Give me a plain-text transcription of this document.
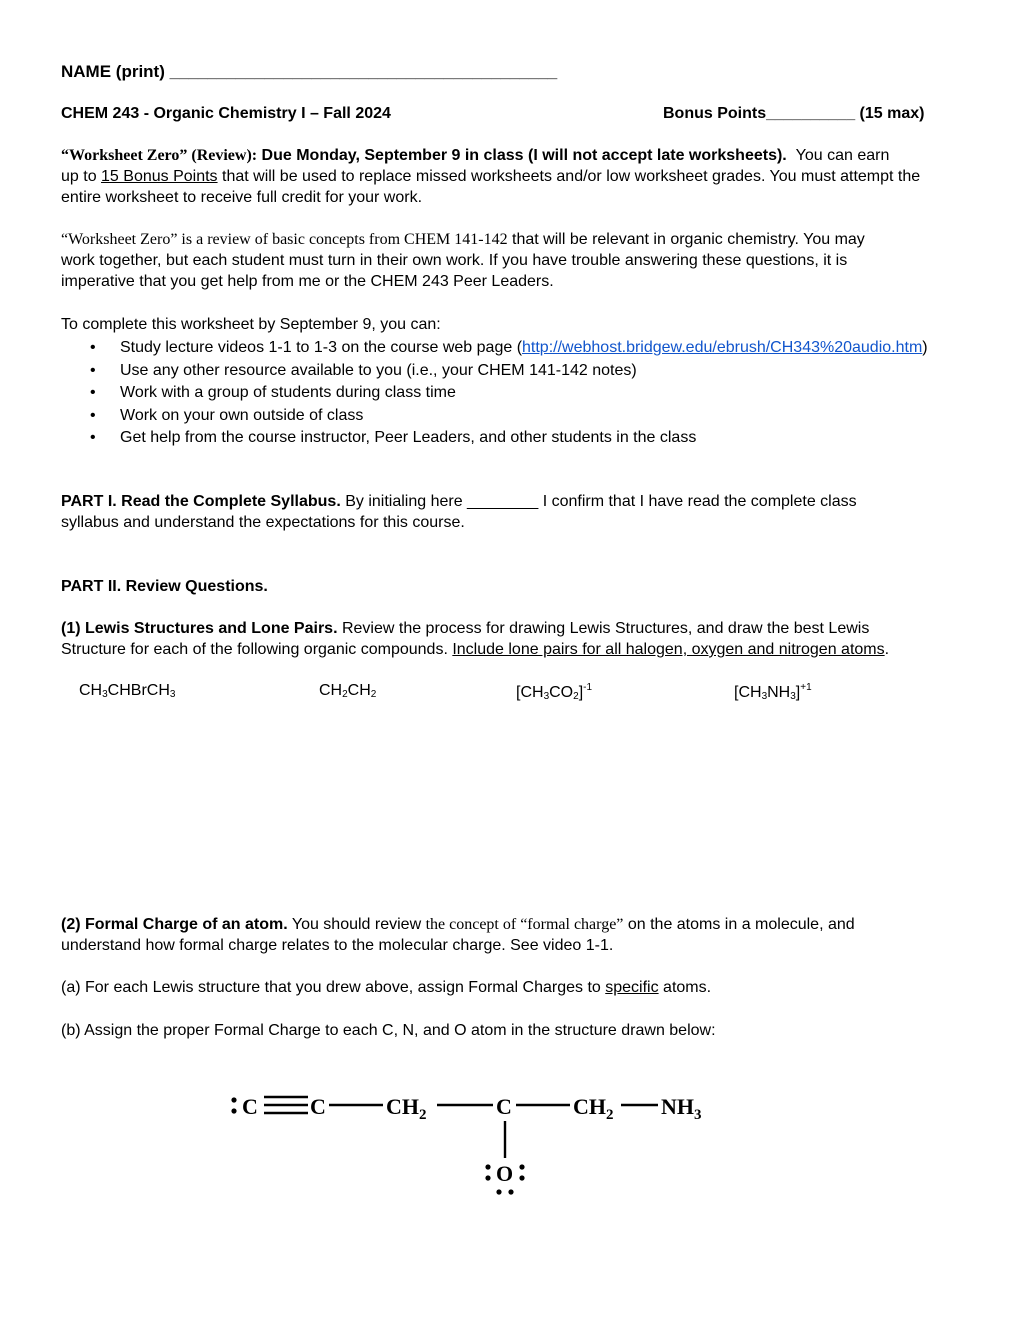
NAME (print) _________________________________________
CHEM 243 - Organic Chemistry I – Fall 2024	Bonus Points__________ (15 max)
“Worksheet Zero” (Review): Due Monday, September 9 in class (I will not accept late worksheets). You can earn
up to 15 Bonus Points that will be used to replace missed worksheets and/or low worksheet grades. You must attempt the
entire worksheet to receive full credit for your work.
“Worksheet Zero” is a review of basic concepts from CHEM 141-142 that will be relevant in organic chemistry. You may
work together, but each student must turn in their own work. If you have trouble answering these questions, it is
imperative that you get help from me or the CHEM 243 Peer Leaders.
To complete this worksheet by September 9, you can:
• Study lecture videos 1-1 to 1-3 on the course web page (http://webhost.bridgew.edu/ebrush/CH343%20audio.htm)
• Use any other resource available to you (i.e., your CHEM 141-142 notes)
• Work with a group of students during class time
• Work on your own outside of class
• Get help from the course instructor, Peer Leaders, and other students in the class
PART I. Read the Complete Syllabus. By initialing here ________ I confirm that I have read the complete class
syllabus and understand the expectations for this course.
PART II. Review Questions.
(1) Lewis Structures and Lone Pairs. Review the process for drawing Lewis Structures, and draw the best Lewis
Structure for each of the following organic compounds. Include lone pairs for all halogen, oxygen and nitrogen atoms.
$CH_3CHBrCH_3$	$CH_2CH_2$	$[CH_3CO_2]^{-1}$	$[CH_3NH_3]^{+1}$
(2) Formal Charge of an atom. You should review the concept of “formal charge” on the atoms in a molecule, and
understand how formal charge relates to the molecular charge. See video 1-1.
(a) For each Lewis structure that you drew above, assign Formal Charges to specific atoms.
(b) Assign the proper Formal Charge to each C, N, and O atom in the structure drawn below:
C C	$CH_2$	C	$CH_2$ $NH_3$
O
